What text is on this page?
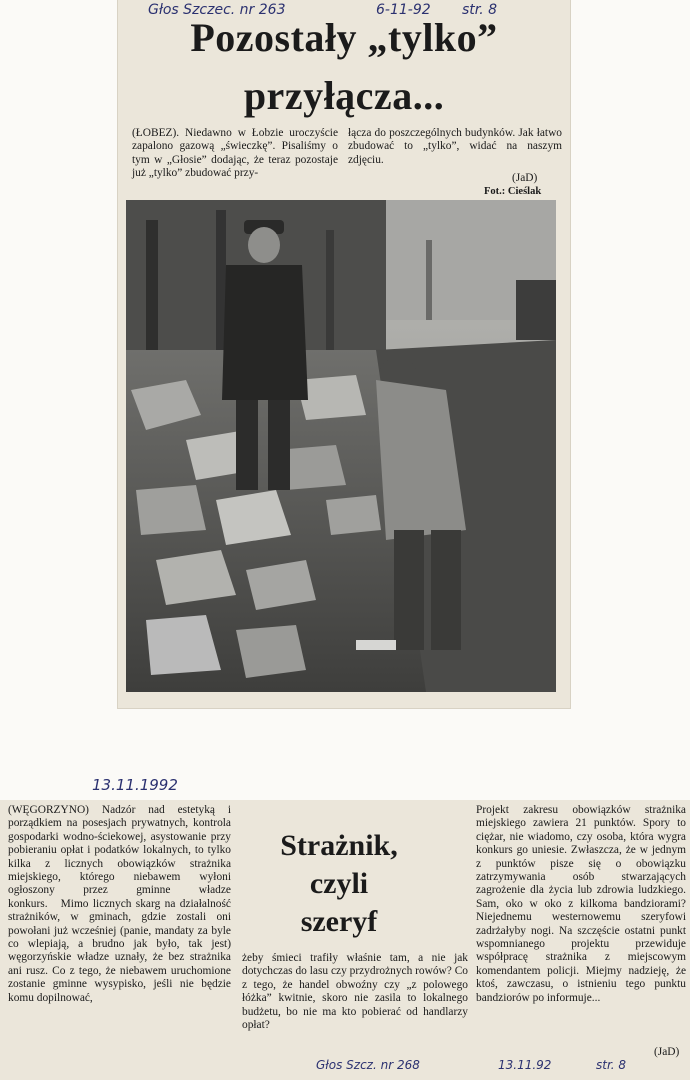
Głos Szczec. nr 263	6-11-92 str. 8
Pozostały „tylko”
przyłącza...
(ŁOBEZ). Niedawno w Łobzie uroczyście zapalono gazową „świeczkę”. Pisaliśmy o tym w „Głosie” dodając, że teraz pozostaje już „tylko” zbudować przy-
łącza do poszczególnych budynków. Jak łatwo zbudować to „tylko”, widać na naszym zdjęciu.
(JaD)
Fot.: Cieślak
13.11.1992
(WĘGORZYNO) Nadzór nad estetyką i porządkiem na posesjach prywatnych, kontrola gospodarki wodno-ściekowej, asystowanie przy pobieraniu opłat i podatków lokalnych, to tylko kilka z licznych obowiązków strażnika miejskiego, którego niebawem wyłoni ogłoszony przez gminne władze konkurs.   Mimo licznych skarg na działalność strażników, w gminach, gdzie zostali oni powołani już wcześniej (panie, mandaty za byle co wlepiają, a brudno jak było, tak jest) węgorzyńskie władze uznały, że bez strażnika ani rusz. Co z tego, że niebawem uruchomione zostanie gminne wysypisko, jeśli nie będzie komu dopilnować,
Strażnik,
czyli
szeryf
żeby śmieci trafiły właśnie tam, a nie jak dotychczas do lasu czy przydrożnych rowów? Co z tego, że handel obwoźny czy „z polowego łóżka” kwitnie, skoro nie zasila to lokalnego budżetu, bo nie ma kto pobierać od handlarzy opłat?
Projekt zakresu obowiązków strażnika miejskiego zawiera 21 punktów. Spory to ciężar, nie wiadomo, czy osoba, która wygra konkurs go uniesie. Zwłaszcza, że w jednym z punktów pisze się o obowiązku zatrzymywania osób stwarzających zagrożenie dla życia lub zdrowia ludzkiego. Sam, oko w oko z kilkoma bandziorami? Niejednemu westernowemu szeryfowi zadrżałyby nogi. Na szczęście ostatni punkt wspomnianego projektu przewiduje współpracę strażnika z miejscowym komendantem policji. Miejmy nadzieję, że ktoś, zawczasu, o istnieniu tego punktu bandziorów po informuje...
(JaD)
Głos Szcz. nr 268	13.11.92	str. 8
